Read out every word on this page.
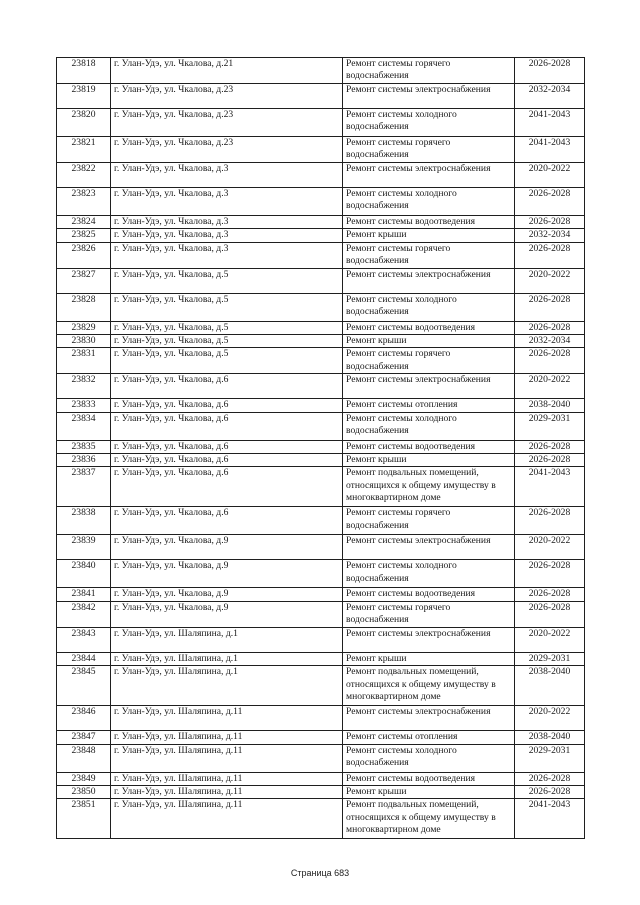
23818	г. Улан-Удэ, ул. Чкалова, д.21	Ремонт системы горячего водоснабжения	2026-2028
23819	г. Улан-Удэ, ул. Чкалова, д.23	Ремонт системы электроснабжения	2032-2034
23820	г. Улан-Удэ, ул. Чкалова, д.23	Ремонт системы холодного водоснабжения	2041-2043
23821	г. Улан-Удэ, ул. Чкалова, д.23	Ремонт системы горячего водоснабжения	2041-2043
23822	г. Улан-Удэ, ул. Чкалова, д.3	Ремонт системы электроснабжения	2020-2022
23823	г. Улан-Удэ, ул. Чкалова, д.3	Ремонт системы холодного водоснабжения	2026-2028
23824	г. Улан-Удэ, ул. Чкалова, д.3	Ремонт системы водоотведения	2026-2028
23825	г. Улан-Удэ, ул. Чкалова, д.3	Ремонт крыши	2032-2034
23826	г. Улан-Удэ, ул. Чкалова, д.3	Ремонт системы горячего водоснабжения	2026-2028
23827	г. Улан-Удэ, ул. Чкалова, д.5	Ремонт системы электроснабжения	2020-2022
23828	г. Улан-Удэ, ул. Чкалова, д.5	Ремонт системы холодного водоснабжения	2026-2028
23829	г. Улан-Удэ, ул. Чкалова, д.5	Ремонт системы водоотведения	2026-2028
23830	г. Улан-Удэ, ул. Чкалова, д.5	Ремонт крыши	2032-2034
23831	г. Улан-Удэ, ул. Чкалова, д.5	Ремонт системы горячего водоснабжения	2026-2028
23832	г. Улан-Удэ, ул. Чкалова, д.6	Ремонт системы электроснабжения	2020-2022
23833	г. Улан-Удэ, ул. Чкалова, д.6	Ремонт системы отопления	2038-2040
23834	г. Улан-Удэ, ул. Чкалова, д.6	Ремонт системы холодного водоснабжения	2029-2031
23835	г. Улан-Удэ, ул. Чкалова, д.6	Ремонт системы водоотведения	2026-2028
23836	г. Улан-Удэ, ул. Чкалова, д.6	Ремонт крыши	2026-2028
23837	г. Улан-Удэ, ул. Чкалова, д.6	Ремонт подвальных помещений, относящихся к общему имуществу в многоквартирном доме	2041-2043
23838	г. Улан-Удэ, ул. Чкалова, д.6	Ремонт системы горячего водоснабжения	2026-2028
23839	г. Улан-Удэ, ул. Чкалова, д.9	Ремонт системы электроснабжения	2020-2022
23840	г. Улан-Удэ, ул. Чкалова, д.9	Ремонт системы холодного водоснабжения	2026-2028
23841	г. Улан-Удэ, ул. Чкалова, д.9	Ремонт системы водоотведения	2026-2028
23842	г. Улан-Удэ, ул. Чкалова, д.9	Ремонт системы горячего водоснабжения	2026-2028
23843	г. Улан-Удэ, ул. Шаляпина, д.1	Ремонт системы электроснабжения	2020-2022
23844	г. Улан-Удэ, ул. Шаляпина, д.1	Ремонт крыши	2029-2031
23845	г. Улан-Удэ, ул. Шаляпина, д.1	Ремонт подвальных помещений, относящихся к общему имуществу в многоквартирном доме	2038-2040
23846	г. Улан-Удэ, ул. Шаляпина, д.11	Ремонт системы электроснабжения	2020-2022
23847	г. Улан-Удэ, ул. Шаляпина, д.11	Ремонт системы отопления	2038-2040
23848	г. Улан-Удэ, ул. Шаляпина, д.11	Ремонт системы холодного водоснабжения	2029-2031
23849	г. Улан-Удэ, ул. Шаляпина, д.11	Ремонт системы водоотведения	2026-2028
23850	г. Улан-Удэ, ул. Шаляпина, д.11	Ремонт крыши	2026-2028
23851	г. Улан-Удэ, ул. Шаляпина, д.11	Ремонт подвальных помещений, относящихся к общему имуществу в многоквартирном доме	2041-2043
Страница 683
